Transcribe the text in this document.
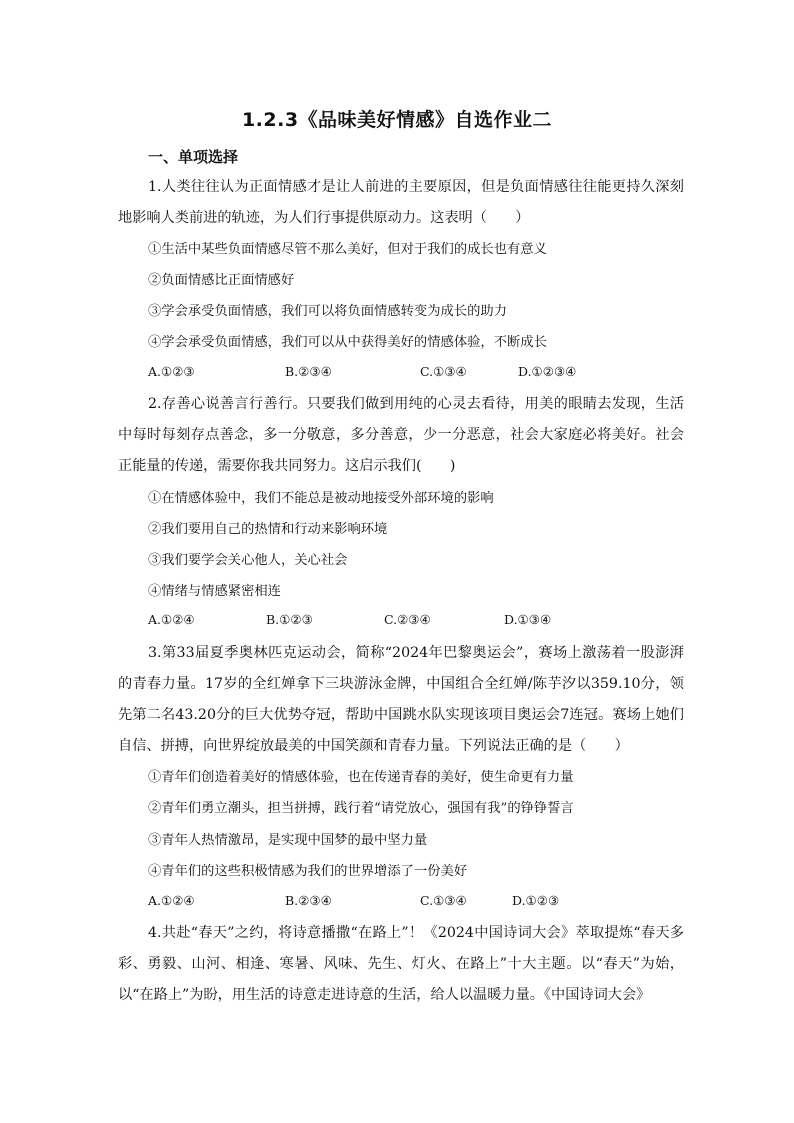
1.2.3《品味美好情感》自选作业二
一、单项选择

1.人类往往认为正面情感才是让人前进的主要原因，但是负面情感往往能更持久深刻地影响人类前进的轨迹，为人们行事提供原动力。这表明（　　）

①生活中某些负面情感尽管不那么美好，但对于我们的成长也有意义
②负面情感比正面情感好
③学会承受负面情感，我们可以将负面情感转变为成长的助力
④学会承受负面情感，我们可以从中获得美好的情感体验，不断成长
A.①②③	B.②③④	C.①③④	D.①②③④

2.存善心说善言行善行。只要我们做到用纯的心灵去看待，用美的眼睛去发现，生活中每时每刻存点善念，多一分敬意，多分善意，少一分恶意，社会大家庭必将美好。社会正能量的传递，需要你我共同努力。这启示我们(　　)

①在情感体验中，我们不能总是被动地接受外部环境的影响
②我们要用自己的热情和行动来影响环境
③我们要学会关心他人，关心社会
④情绪与情感紧密相连
A.①②④	B.①②③	C.②③④	D.①③④

3.第33届夏季奥林匹克运动会，简称“2024年巴黎奥运会”，赛场上激荡着一股澎湃的青春力量。17岁的全红婵拿下三块游泳金牌，中国组合全红婵/陈芋汐以359.10分，领先第二名43.20分的巨大优势夺冠，帮助中国跳水队实现该项目奥运会7连冠。赛场上她们自信、拼搏，向世界绽放最美的中国笑颜和青春力量。下列说法正确的是（　　）

①青年们创造着美好的情感体验，也在传递青春的美好，使生命更有力量
②青年们勇立潮头，担当拼搏，践行着“请党放心，强国有我”的铮铮誓言
③青年人热情激昂，是实现中国梦的最中坚力量
④青年们的这些积极情感为我们的世界增添了一份美好
A.①②④	B.②③④	C.①③④	D.①②③

4.共赴“春天”之约，将诗意播撒“在路上”！《2024中国诗词大会》萃取提炼“春天多彩、勇毅、山河、相逢、寒暑、风味、先生、灯火、在路上”十大主题。以“春天”为始，以“在路上”为盼，用生活的诗意走进诗意的生活，给人以温暖力量。《中国诗词大会》
